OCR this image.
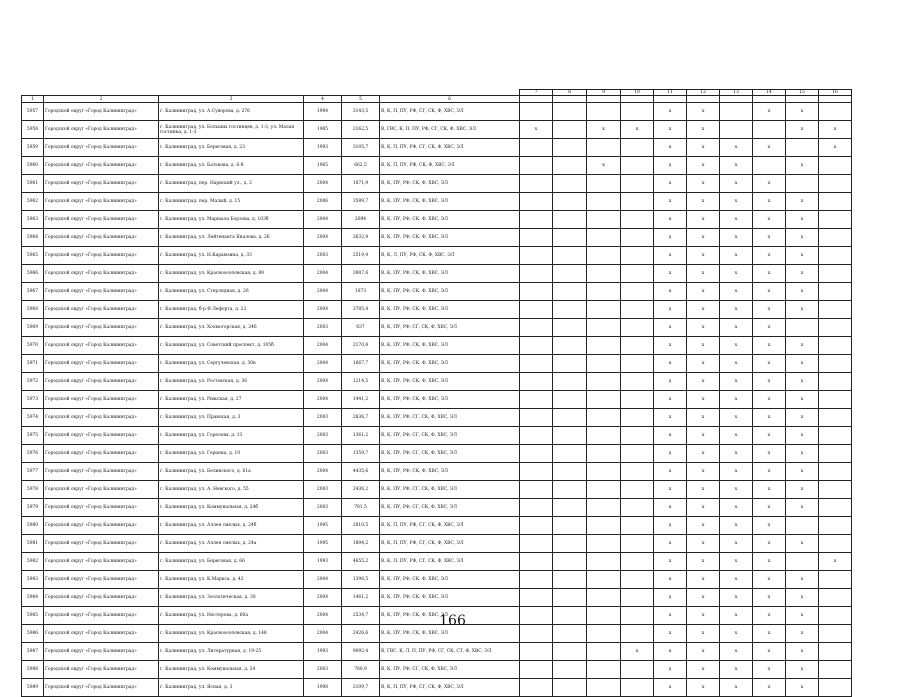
						7	8	9	10	11	12	13	14	15	16
1	2	3	4	5	6										
5957	Городской округ «Город Калининград»	г. Калининград, ул. А.Суворова, д. 276	1994	3143,5	В, К, П, ПУ, РФ, СГ, СК, Ф, ХВС, ЭЛ					x	x		x	x	
5958	Городской округ «Город Калининград»	г. Калининград, ул. Больших гостинцев, д. 1-3, ул. Малая гостинка, д. 1-3	1985	2162,5	В, ГВС, К, П, ПУ, РФ, СГ, СК, Ф, ХВС, ЭЛ	x		x	x	x	x			x	x
5959	Городской округ «Город Калининград»	г. Калининград, ул. Береговая, д. 23	1993	3105,7	В, К, П, ПУ, РФ, СГ, СК, Ф, ХВС, ЭЛ					x	x	x	x		x
5960	Городской округ «Город Калининград»	г. Калининград, ул. Батькова, д. 6-8	1965	662,5	В, К, П, ПУ, РФ, СК, Ф, ХВС, ЭЛ			x		x	x	x		x	
5961	Городской округ «Город Калининград»	г. Калининград, пер. Нарвский ул., д. 2	2004	1871,9	В, К, ПУ, РФ, СК, Ф, ХВС, ЭЛ					x	x	x	x		
5962	Городской округ «Город Калининград»	г. Калининград, пер. Малый, д. 15	2006	3589,7	В, К, ПУ, РФ, СК, Ф, ХВС, ЭЛ					x	x	x	x	x	
5963	Городской округ «Город Калининград»	г. Калининград, ул. Маршала Борзова, д. 103б	2004	2694	В, К, ПУ, РФ, СК, Ф, ХВС, ЭЛ					x	x	x	x	x	
5964	Городской округ «Город Калининград»	г. Калининград, ул. Лейтенанта Яналова, д. 26	2004	2632,9	В, К, ПУ, РФ, СК, Ф, ХВС, ЭЛ					x	x	x	x	x	
5965	Городской округ «Город Калининград»	г. Калининград, ул. Н.Карамзина, д. 33	2003	2519,4	В, К, Л, ПУ, РФ, СК, Ф, ХВС, ЭЛ					x	x	x	x	x	
5966	Городской округ «Город Калининград»	г. Калининград, ул. Краснооселовская, д. 89	2004	3987,6	В, К, ПУ, РФ, СК, Ф, ХВС, ЭЛ					x	x	x	x	x	
5967	Городской округ «Город Калининград»	г. Калининград, ул. Стерлядная, д. 26	2004	1873	В, К, ПУ, РФ, СК, Ф, ХВС, ЭЛ					x	x	x	x	x	
5968	Городской округ «Город Калининград»	г. Калининград, б-р Ф.Лефорта, д. 22	2004	3785,4	В, К, ПУ, РФ, СК, Ф, ХВС, ЭЛ					x	x	x	x	x	
5969	Городской округ «Город Калининград»	г. Калининград, ул. Холмогорская, д. 246	2003	837	В, К, ПУ, РФ, СГ, СК, Ф, ХВС, ЭЛ					x	x	x	x		
5970	Городской округ «Город Калининград»	г. Калининград, ул. Советский проспект, д. 105б	2004	2170,8	В, К, ПУ, РФ, СК, Ф, ХВС, ЭЛ					x	x	x	x	x	
5971	Городской округ «Город Калининград»	г. Калининград, ул. Сергучевская, д. 30в	2004	1667,7	В, К, ПУ, РФ, СК, Ф, ХВС, ЭЛ					x	x	x	x	x	
5972	Городской округ «Город Калининград»	г. Калининград, ул. Ростовская, д. 36	2004	1214,5	В, К, ПУ, РФ, СК, Ф, ХВС, ЭЛ					x	x	x	x	x	
5973	Городской округ «Город Калининград»	г. Калининград, ул. Рижская, д. 27	2004	1441,2	В, К, ПУ, РФ, СК, Ф, ХВС, ЭЛ					x	x	x	x	x	
5974	Городской округ «Город Калининград»	г. Калининград, ул. Правская, д. 3	2003	2836,7	В, К, ПУ, РФ, СГ, СК, Ф, ХВС, ЭЛ					x	x	x	x	x	
5975	Городской округ «Город Калининград»	г. Калининград, ул. Горелова, д. 13	2003	1361,2	В, К, ПУ, РФ, СГ, СК, Ф, ХВС, ЭЛ					x	x	x	x	x	
5976	Городской округ «Город Калининград»	г. Калининград, ул. Герцена, д. 10	2003	1359,7	В, К, ПУ, РФ, СГ, СК, Ф, ХВС, ЭЛ					x	x	x	x	x	
5977	Городской округ «Город Калининград»	г. Калининград, ул. Белинского, д. 61а	2004	4435,6	В, К, ПУ, РФ, СК, Ф, ХВС, ЭЛ					x	x	x	x	x	
5978	Городской округ «Город Калининград»	г. Калининград, ул. А. Невского, д. 55	2003	2436,2	В, К, ПУ, РФ, СГ, СК, Ф, ХВС, ЭЛ					x	x	x	x	x	
5979	Городской округ «Город Калининград»	г. Калининград, ул. Коммунальная, д. 24б	2003	781,5	В, К, ПУ, РФ, СГ, СК, Ф, ХВС, ЭЛ					x	x	x	x	x	
5980	Городской округ «Город Калининград»	г. Калининград, ул. Аллея смелых, д. 24б	1995	2810,5	В, К, П, ПУ, РФ, СГ, СК, Ф, ХВС, ЭЛ					x	x	x	x		
5981	Городской округ «Город Калининград»	г. Калининград, ул. Аллея смелых, д. 24а	1995	1894,2	В, К, П, ПУ, РФ, СГ, СК, Ф, ХВС, ЭЛ					x	x	x	x	x	
5982	Городской округ «Город Калининград»	г. Калининград, ул. Береговая, д. 66	1993	4655,2	В, К, П, ПУ, РФ, СГ, СК, Ф, ХВС, ЭЛ					x	x	x	x		x
5983	Городской округ «Город Калининград»	г. Калининград, ул. К.Маркса, д. 42	2004	1398,5	В, К, ПУ, РФ, СК, Ф, ХВС, ЭЛ					x	x	x	x	x	
5984	Городской округ «Город Калининград»	г. Калининград, ул. Зоологическая, д. 30	2004	1461,2	В, К, ПУ, РФ, СК, Ф, ХВС, ЭЛ					x	x	x	x	x	
5985	Городской округ «Город Калининград»	г. Калининград, ул. Нестерова, д. 60а	2004	2534,7	В, К, ПУ, РФ, СК, Ф, ХВС, ЭЛ					x	x	x	x	x	
5986	Городской округ «Город Калининград»	г. Калининград, ул. Краснооселовская, д. 146	2004	2426,6	В, К, ПУ, РФ, СК, Ф, ХВС, ЭЛ					x	x	x	x	x	
5987	Городской округ «Город Калининград»	г. Калининград, ул. Литературная, д. 19-25	1993	9092,4	В, ГВС, К, Л, П, ПУ, РФ, СГ, СК, СТ, Ф, ХВС, ЭЛ				x	x	x	x	x	x	
5988	Городской округ «Город Калининград»	г. Калининград, ул. Коммунальная, д. 24	2003	780,9	В, К, ПУ, РФ, СГ, СК, Ф, ХВС, ЭЛ					x	x	x	x	x	
5989	Городской округ «Город Калининград»	г. Калининград, ул. Ясная, д. 3	1998	2109,7	В, К, П, ПУ, РФ, СГ, СК, Ф, ХВС, ЭЛ					x	x	x	x	x	
166
